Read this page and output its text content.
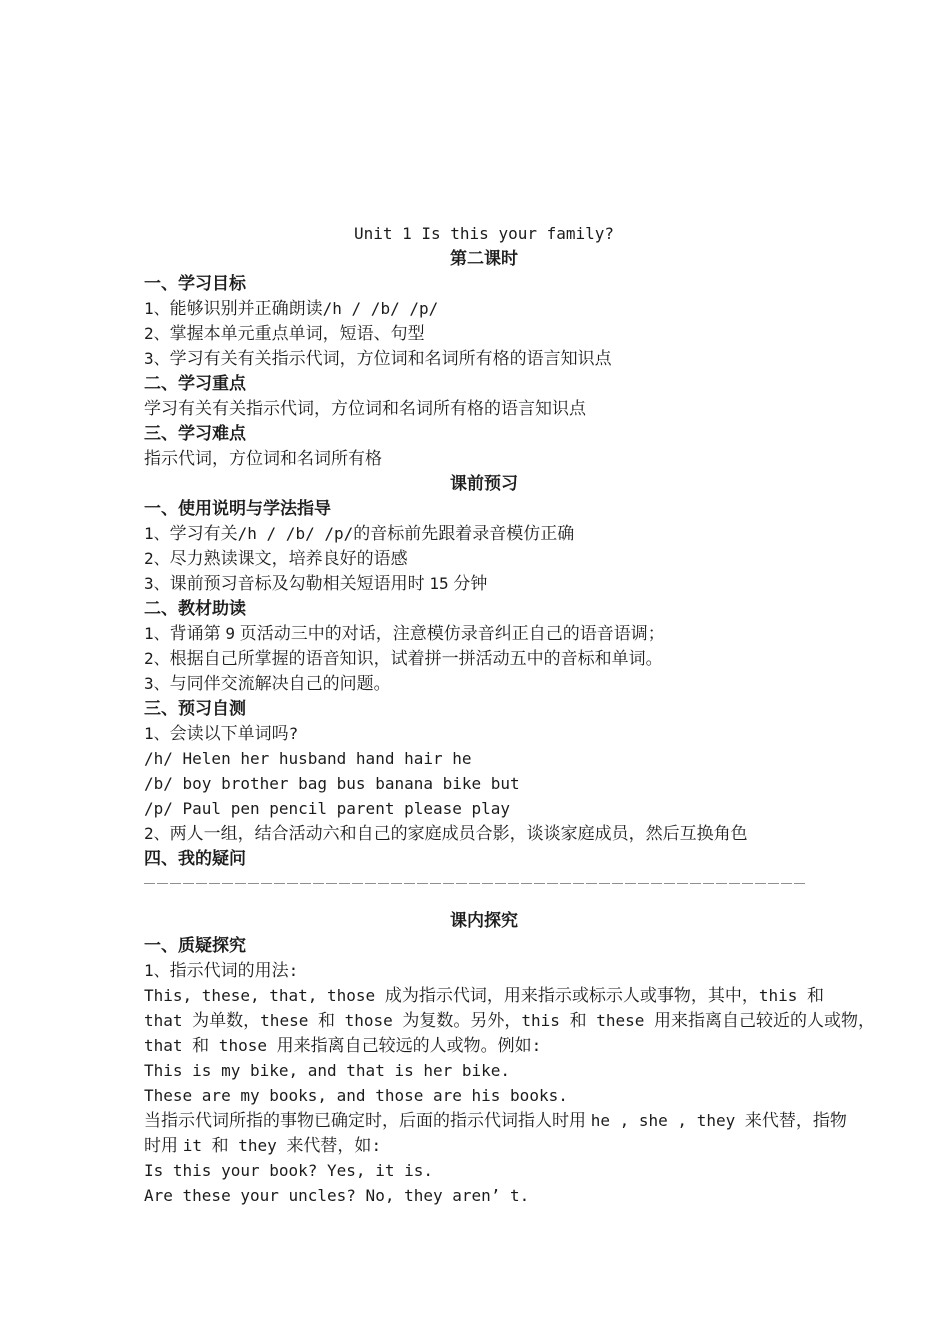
Unit 1 Is this your family?
第二课时
一、学习目标
1、能够识别并正确朗读/h / /b/ /p/
2、掌握本单元重点单词，短语、句型
3、学习有关有关指示代词，方位词和名词所有格的语言知识点
二、学习重点
学习有关有关指示代词，方位词和名词所有格的语言知识点
三、学习难点
指示代词，方位词和名词所有格
课前预习
一、使用说明与学法指导
1、学习有关/h / /b/ /p/的音标前先跟着录音模仿正确
2、尽力熟读课文，培养良好的语感
3、课前预习音标及勾勒相关短语用时 15 分钟
二、教材助读
1、背诵第 9 页活动三中的对话，注意模仿录音纠正自己的语音语调；
2、根据自己所掌握的语音知识，试着拼一拼活动五中的音标和单词。
3、与同伴交流解决自己的问题。
三、预习自测
1、会读以下单词吗?
/h/ Helen her husband hand hair he
/b/ boy brother bag bus banana bike but
/p/ Paul pen pencil parent please play
2、两人一组，结合活动六和自己的家庭成员合影，谈谈家庭成员，然后互换角色
四、我的疑问
课内探究
一、质疑探究
1、指示代词的用法:
This, these, that, those 成为指示代词，用来指示或标示人或事物，其中，this 和
that 为单数，these 和 those 为复数。另外，this 和 these 用来指离自己较近的人或物，
that 和 those 用来指离自己较远的人或物。例如:
This is my bike, and that is her bike.
These are my books, and those are his books.
当指示代词所指的事物已确定时，后面的指示代词指人时用 he , she , they 来代替，指物
时用 it 和 they 来代替，如:
Is this your book? Yes, it is.
Are these your uncles? No, they aren’ t.
